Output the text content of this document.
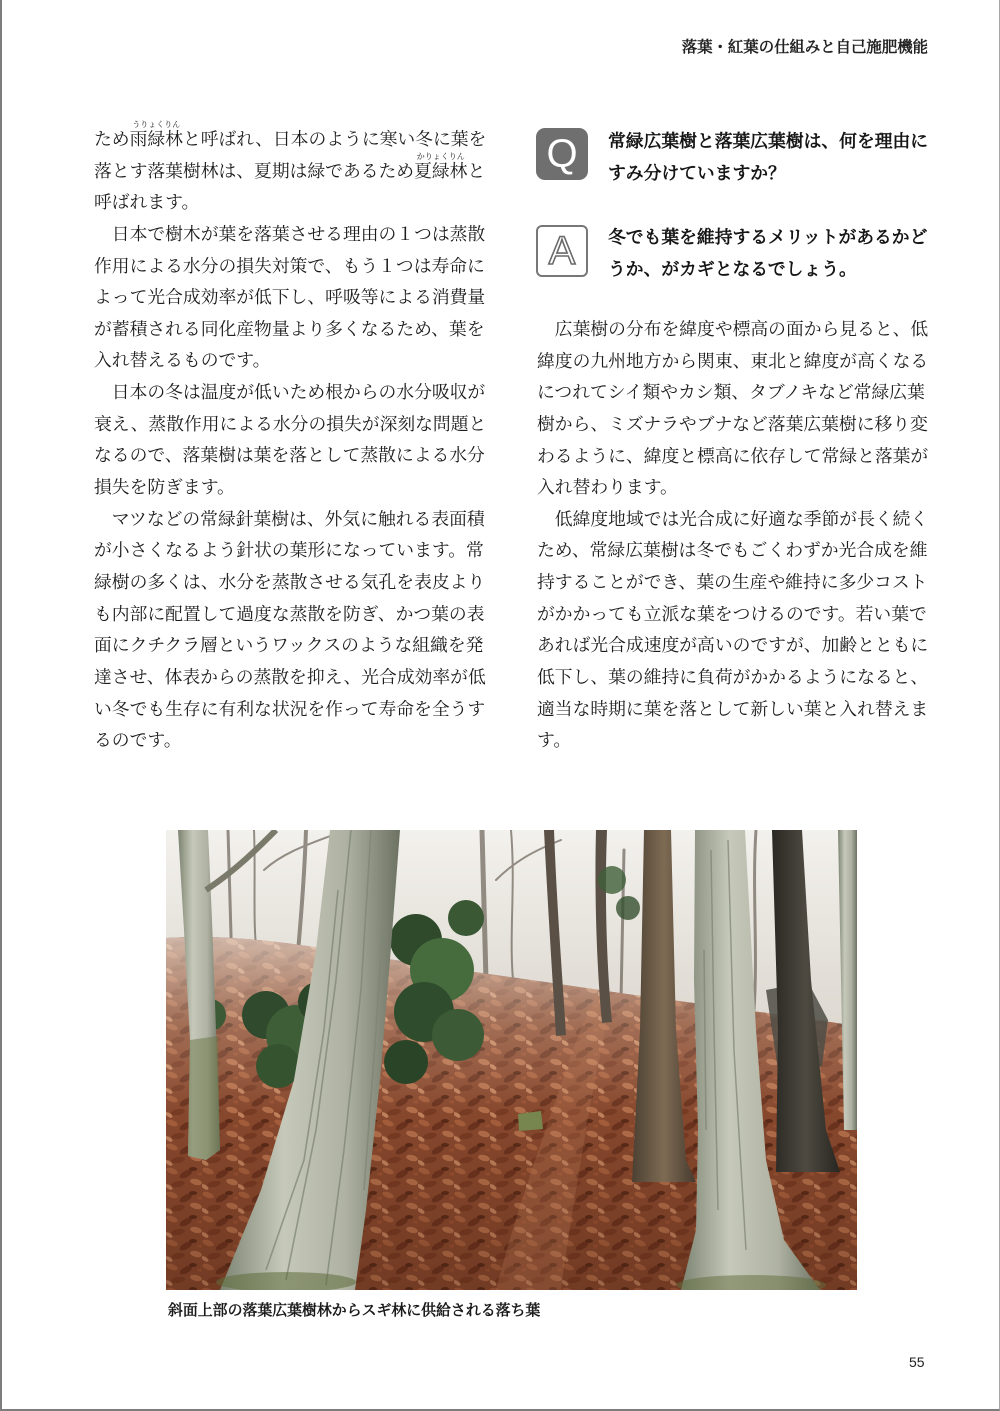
落葉・紅葉の仕組みと自己施肥機能
ため雨緑林
うりょくりん
と呼ばれ、日本のように寒い冬に葉を
落とす落葉樹林は、夏期は緑であるため夏緑林
かりょくりん
と
呼ばれます。
日本で樹木が葉を落葉させる理由の１つは蒸散
作用による水分の損失対策で、もう１つは寿命に
よって光合成効率が低下し、呼吸等による消費量
が蓄積される同化産物量より多くなるため、葉を
入れ替えるものです。
日本の冬は温度が低いため根からの水分吸収が
衰え、蒸散作用による水分の損失が深刻な問題と
なるので、落葉樹は葉を落として蒸散による水分
損失を防ぎます。
マツなどの常緑針葉樹は、外気に触れる表面積
が小さくなるよう針状の葉形になっています。常
緑樹の多くは、水分を蒸散させる気孔を表皮より
も内部に配置して過度な蒸散を防ぎ、かつ葉の表
面にクチクラ層というワックスのような組織を発
達させ、体表からの蒸散を抑え、光合成効率が低
い冬でも生存に有利な状況を作って寿命を全うす
るのです。
Q	常緑広葉樹と落葉広葉樹は、何を理由に
すみ分けていますか？
A	冬でも葉を維持するメリットがあるかど
うか、がカギとなるでしょう。
広葉樹の分布を緯度や標高の面から見ると、低
緯度の九州地方から関東、東北と緯度が高くなる
につれてシイ類やカシ類、タブノキなど常緑広葉
樹から、ミズナラやブナなど落葉広葉樹に移り変
わるように、緯度と標高に依存して常緑と落葉が
入れ替わります。
低緯度地域では光合成に好適な季節が長く続く
ため、常緑広葉樹は冬でもごくわずか光合成を維
持することができ、葉の生産や維持に多少コスト
がかかっても立派な葉をつけるのです。若い葉で
あれば光合成速度が高いのですが、加齢とともに
低下し、葉の維持に負荷がかかるようになると、
適当な時期に葉を落として新しい葉と入れ替えま
す。
斜面上部の落葉広葉樹林からスギ林に供給される落ち葉
55
